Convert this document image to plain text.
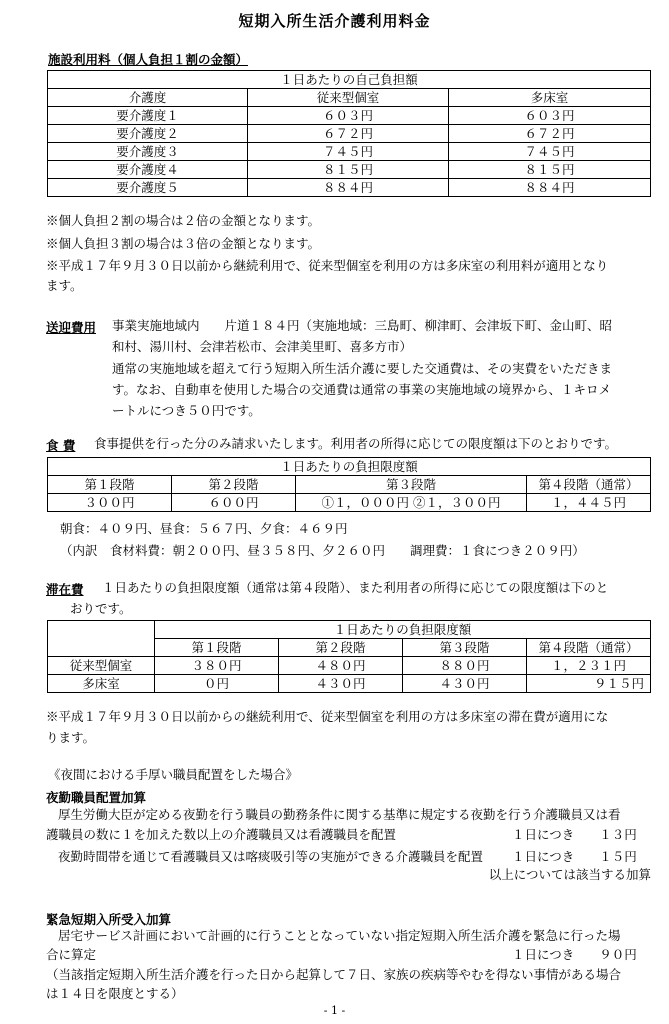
短期入所生活介護利用料金
施設利用料（個人負担１割の金額）
１日あたりの自己負担額		
介護度	従来型個室	多床室
要介護度１	６０３円	６０３円
要介護度２	６７２円	６７２円
要介護度３	７４５円	７４５円
要介護度４	８１５円	８１５円
要介護度５	８８４円	８８４円
※個人負担２割の場合は２倍の金額となります。
※個人負担３割の場合は３倍の金額となります。
※平成１７年９月３０日以前から継続利用で、従来型個室を利用の方は多床室の利用料が適用となり
ます。
送迎費用 事業実施地域内　　片道１８４円（実施地域：三島町、柳津町、会津坂下町、金山町、昭
和村、湯川村、会津若松市、会津美里町、喜多方市）
通常の実施地域を超えて行う短期入所生活介護に要した交通費は、その実費をいただきま
す。なお、自動車を使用した場合の交通費は通常の事業の実施地域の境界から、１キロメ
ートルにつき５０円です。
食 費 食事提供を行った分のみ請求いたします。利用者の所得に応じての限度額は下のとおりです。
１日あたりの負担限度額			
第１段階	第２段階	第３段階	第４段階（通常）
３００円	６００円	①１，０００円 ②１，３００円	１，４４５円
朝食：４０９円、昼食：５６７円、夕食：４６９円
（内訳　食材料費：朝２００円、昼３５８円、夕２６０円　　調理費：１食につき２０９円）
滞在費 １日あたりの負担限度額（通常は第４段階）、また利用者の所得に応じての限度額は下のと
おりです。
	１日あたりの負担限度額			
	第１段階	第２段階	第３段階	第４段階（通常）
従来型個室	３８０円	４８０円	８８０円	１，２３１円
多床室	０円	４３０円	４３０円	９１５円
※平成１７年９月３０日以前からの継続利用で、従来型個室を利用の方は多床室の滞在費が適用にな
ります。
《夜間における手厚い職員配置をした場合》
夜勤職員配置加算
厚生労働大臣が定める夜勤を行う職員の勤務条件に関する基準に規定する夜勤を行う介護職員又は看
護職員の数に１を加えた数以上の介護職員又は看護職員を配置	１日につき　　１３円
夜勤時間帯を通じて看護職員又は喀痰吸引等の実施ができる介護職員を配置 １日につき　　１５円
以上については該当する加算
緊急短期入所受入加算
居宅サービス計画において計画的に行うこととなっていない指定短期入所生活介護を緊急に行った場
合に算定	１日につき　　９０円
（当該指定短期入所生活介護を行った日から起算して７日、家族の疾病等やむを得ない事情がある場合
は１４日を限度とする）
- 1 -
